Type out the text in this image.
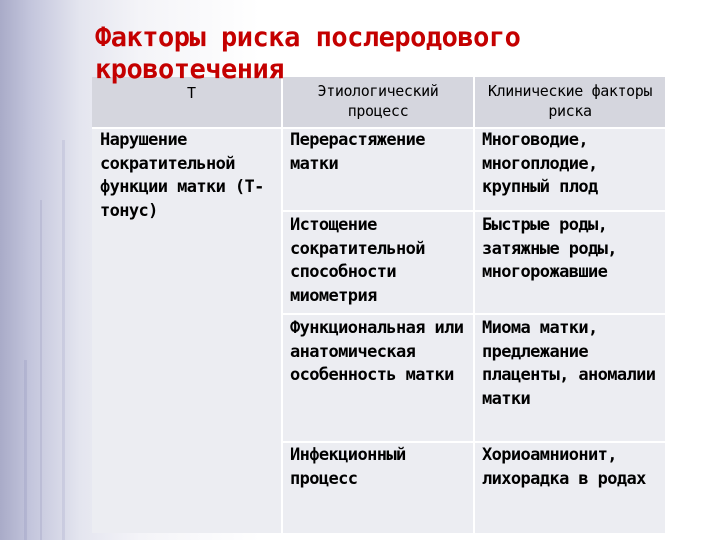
Факторы риска послеродового кровотечения
Этиологический процесс
Клинические факторы риска
Нарушение сократительной функции матки (Т-тонус)
Перерастяжение матки
Многоводие, многоплодие, крупный плод
Истощение сократительной способности миометрия
Быстрые роды, затяжные роды, многорожавшие
Функциональная или анатомическая особенность матки
Миома матки, предлежание плаценты, аномалии матки
Инфекционный процесс
Хориоамнионит, лихорадка в родах
